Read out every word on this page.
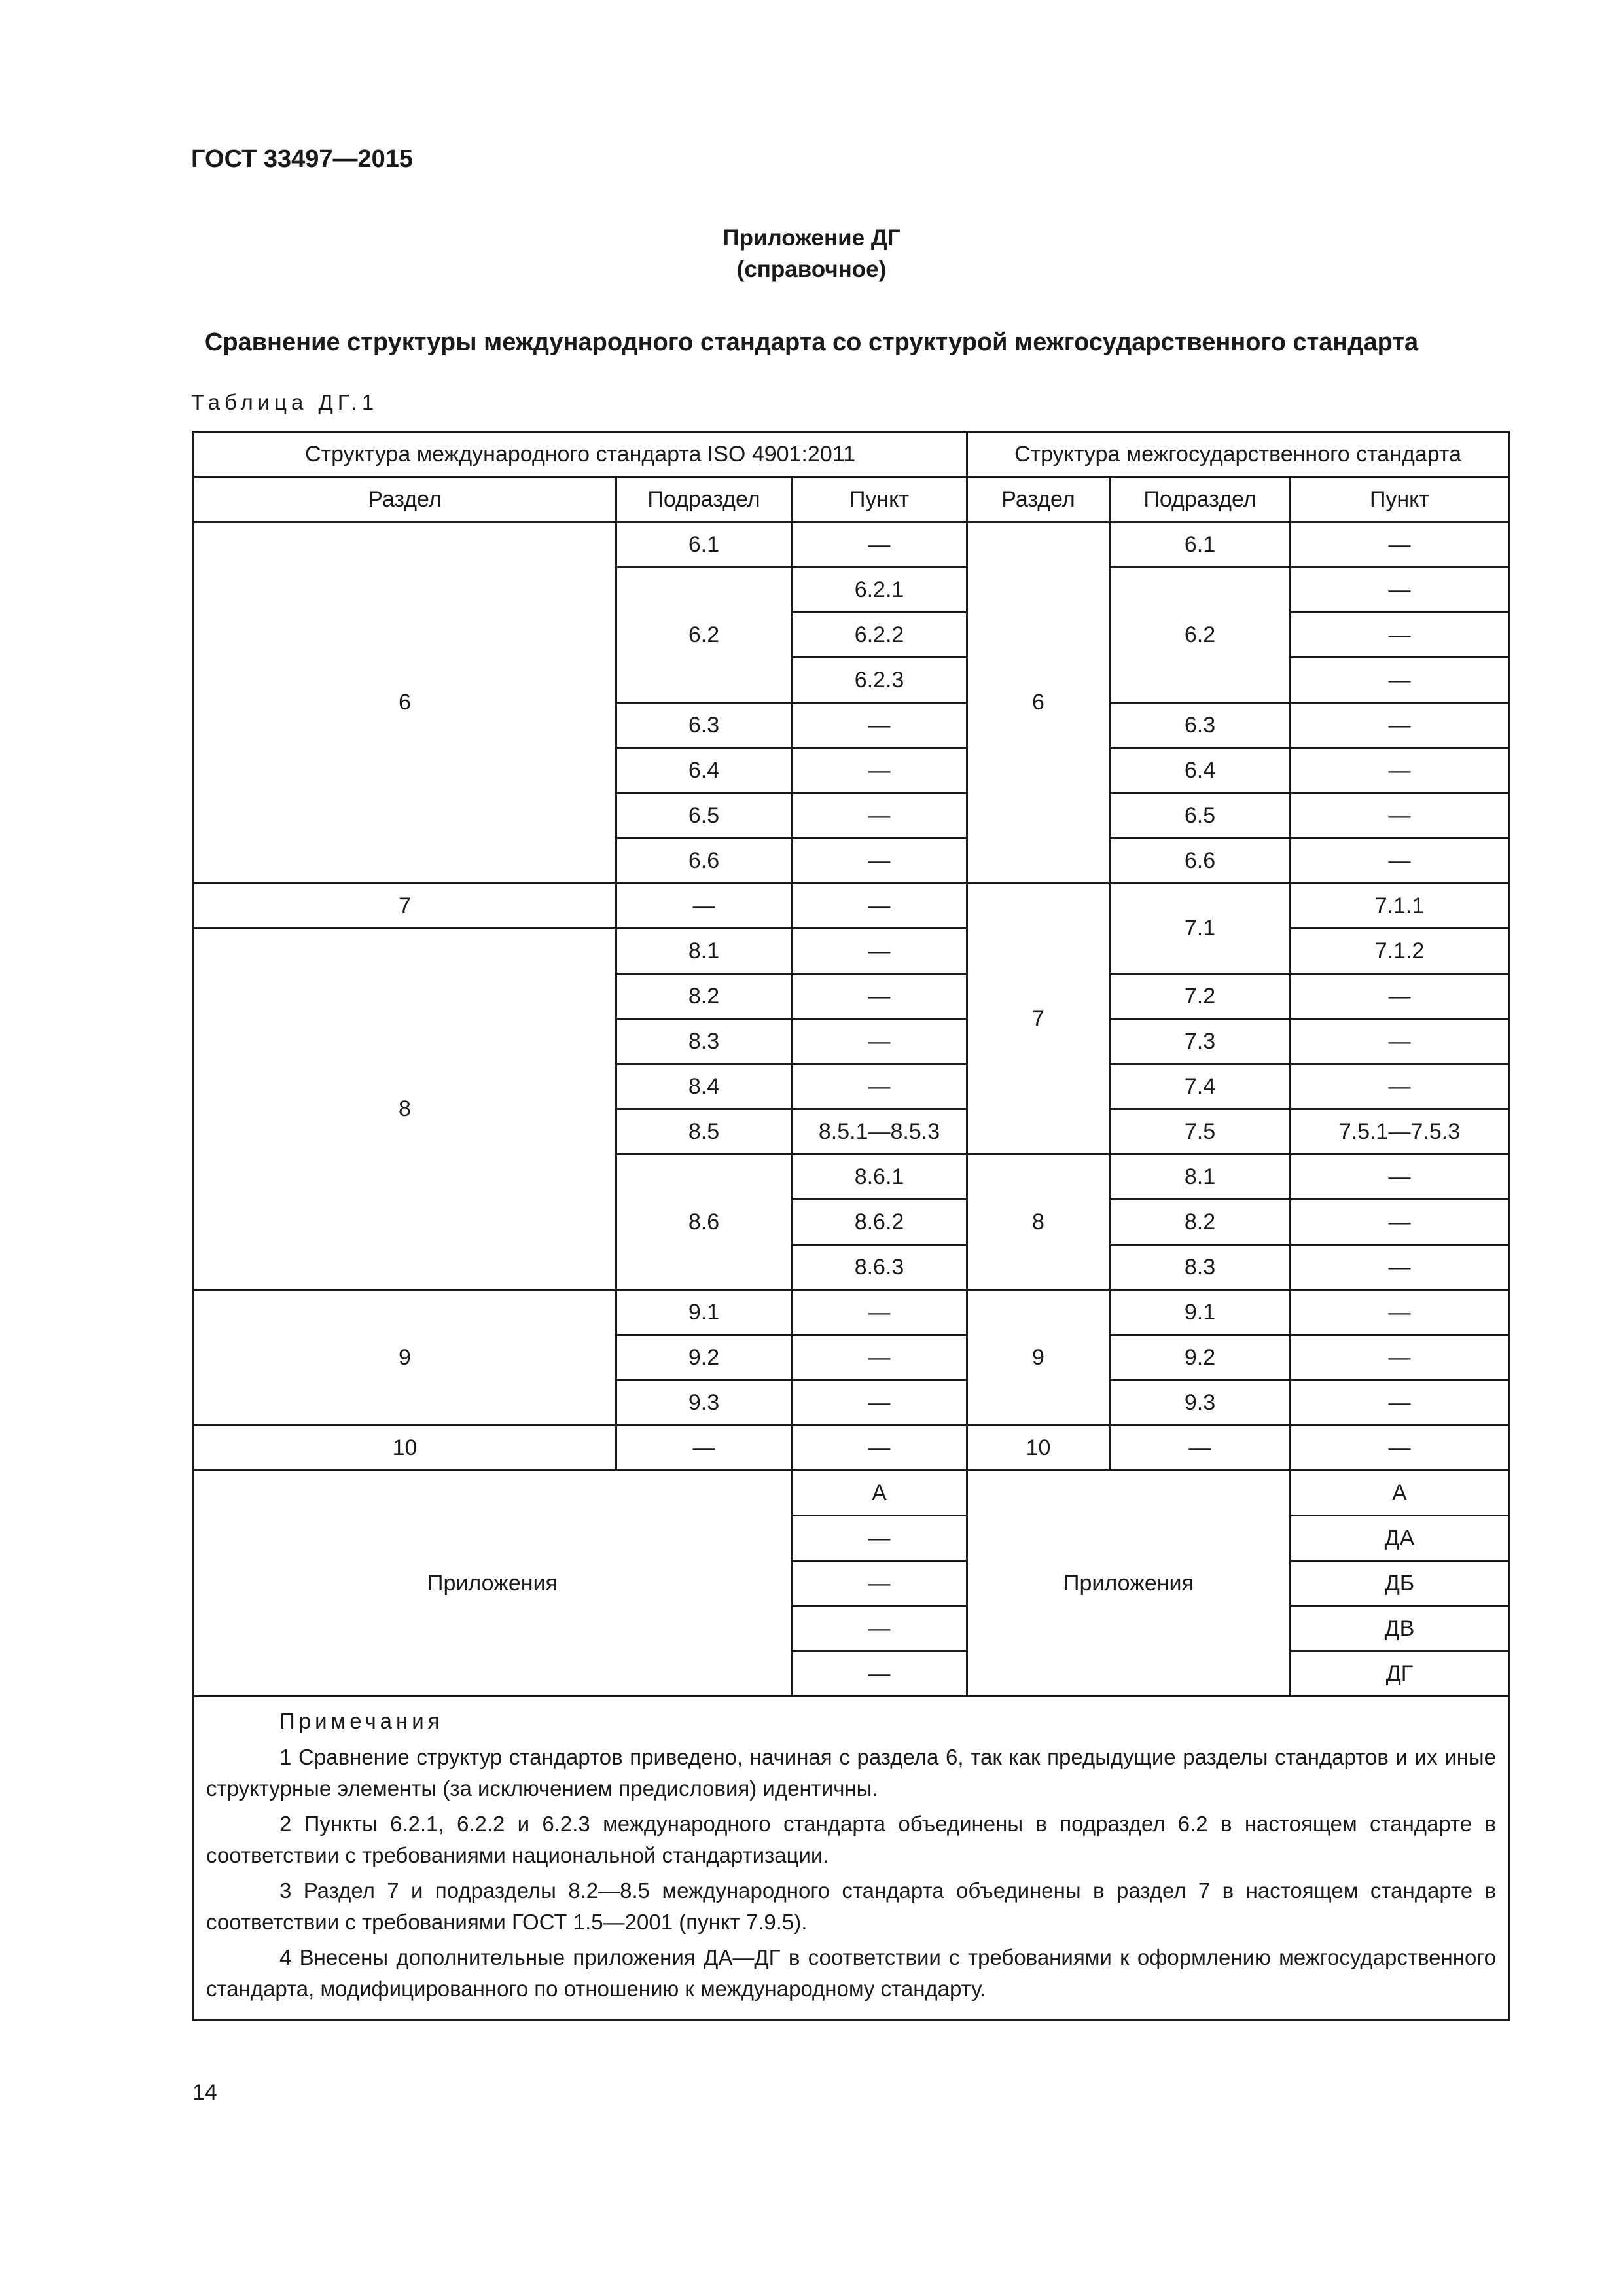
ГОСТ 33497—2015
Приложение ДГ
(справочное)
Сравнение структуры международного стандарта со структурой межгосударственного стандарта
Таблица ДГ.1
Структура международного стандарта ISO 4901:2011			Структура межгосударственного стандарта		
Раздел	Подраздел	Пункт	Раздел	Подраздел	Пункт
6	6.1	—	6	6.1	—
	6.2	6.2.1		6.2	—
		6.2.2			—
		6.2.3			—
	6.3	—		6.3	—
	6.4	—		6.4	—
	6.5	—		6.5	—
	6.6	—		6.6	—
7	—	—	7	7.1	7.1.1
8	8.1	—			7.1.2
	8.2	—		7.2	—
	8.3	—		7.3	—
	8.4	—		7.4	—
	8.5	8.5.1—8.5.3		7.5	7.5.1—7.5.3
	8.6	8.6.1	8	8.1	—
		8.6.2		8.2	—
		8.6.3		8.3	—
9	9.1	—	9	9.1	—
	9.2	—		9.2	—
	9.3	—		9.3	—
10	—	—	10	—	—
Приложения		А	Приложения		А
		—			ДА
		—			ДБ
		—			ДВ
		—			ДГ

Примечания

1 Сравнение структур стандартов приведено, начиная с раздела 6, так как предыдущие разделы стандартов и их иные структурные элементы (за исключением предисловия) идентичны.

2 Пункты 6.2.1, 6.2.2 и 6.2.3 международного стандарта объединены в подраздел 6.2 в настоящем стандарте в соответствии с требованиями национальной стандартизации.

3 Раздел 7 и подразделы 8.2—8.5 международного стандарта объединены в раздел 7 в настоящем стандарте в соответствии с требованиями ГОСТ 1.5—2001 (пункт 7.9.5).

4 Внесены дополнительные приложения ДА—ДГ в соответствии с требованиями к оформлению межгосударственного стандарта, модифицированного по отношению к международному стандарту.					

14
